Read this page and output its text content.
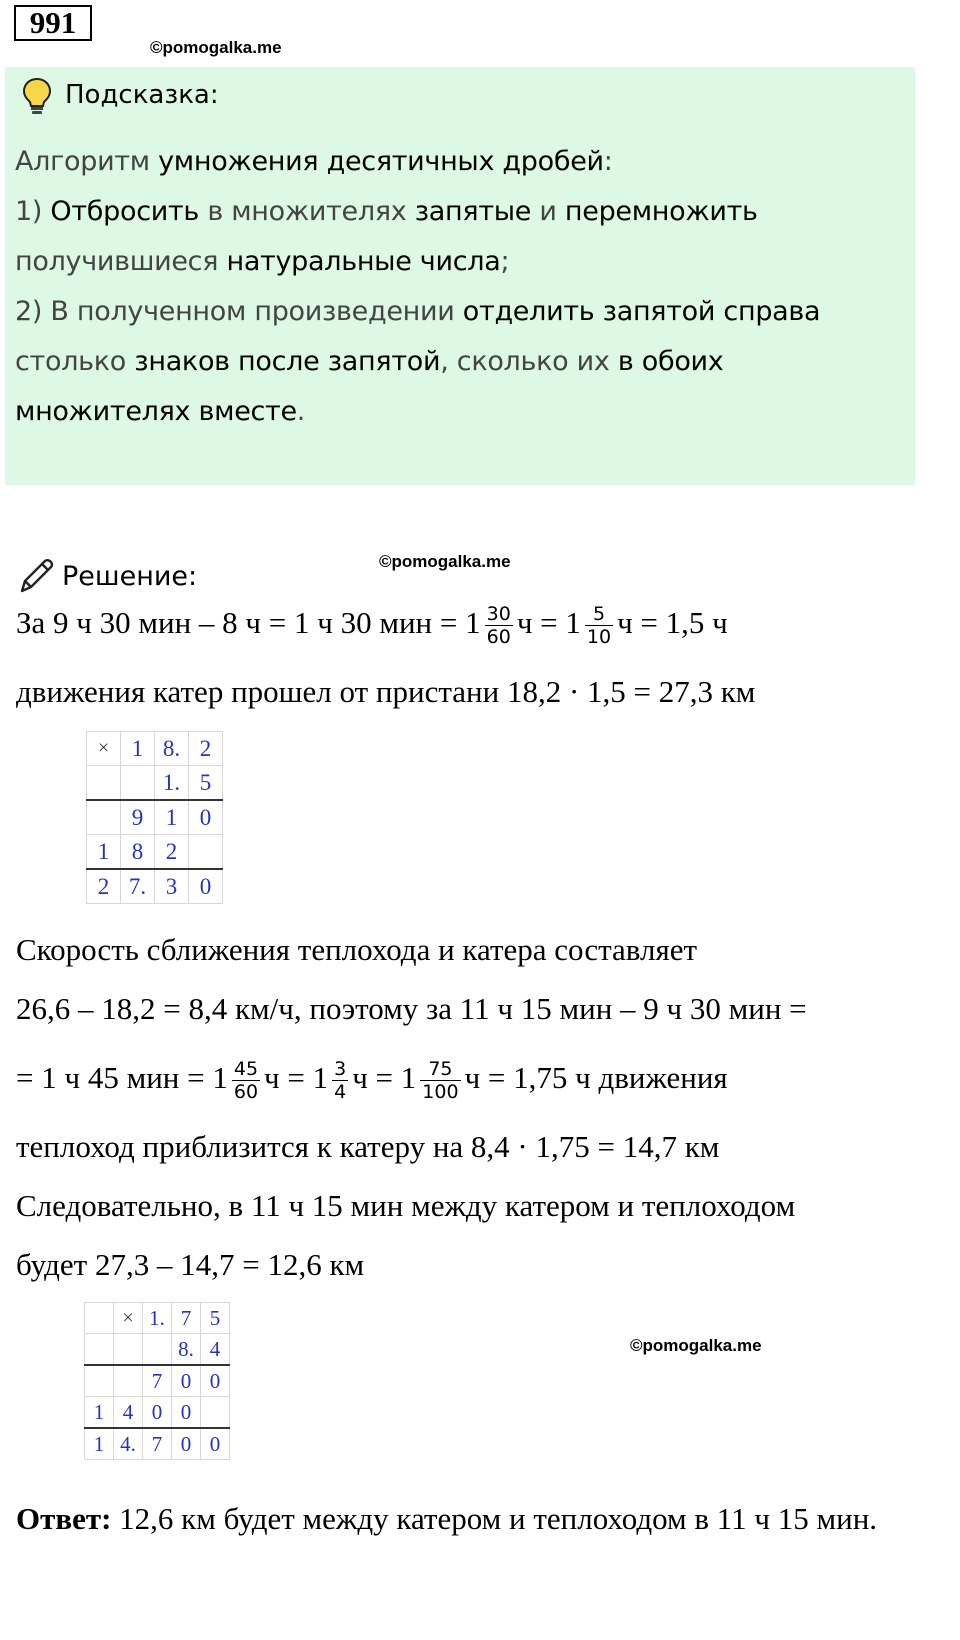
991
©pomogalka.me
Подсказка:
Алгоритм умножения десятичных дробей:
1) Отбросить в множителях запятые и перемножить
получившиеся натуральные числа;
2) В полученном произведении отделить запятой справа
столько знаков после запятой, сколько их в обоих
множителях вместе.
Решение:	©pomogalka.me
За 9 ч 30 мин – 8 ч = 1 ч 30 мин = $1 \frac{30}{60}$ $ч = 1 \frac{5}{10}$ ч = 1,5 ч
движения катер прошел от пристани 18,2 · 1,5 = 27,3 км
×	1	8.	2
		1.	5
	9	1	0
1	8	2	
2	7.	3	0
Скорость сближения теплохода и катера составляет
26,6 – 18,2 = 8,4 км/ч, поэтому за 11 ч 15 мин – 9 ч 30 мин =
= 1 ч 45 мин = $1 \frac{45}{60}$ $ч = 1 \frac{3}{4}$ $ч = 1 \frac{75}{100}$ ч = 1,75 ч движения
теплоход приблизится к катеру на 8,4 · 1,75 = 14,7 км
Следовательно, в 11 ч 15 мин между катером и теплоходом
будет 27,3 – 14,7 = 12,6 км
	×	1.	7	5
			8.	4
		7	0	0
1	4	0	0	
1	4.	7	0	0
©pomogalka.me
Ответ: 12,6 км будет между катером и теплоходом в 11 ч 15 мин.
